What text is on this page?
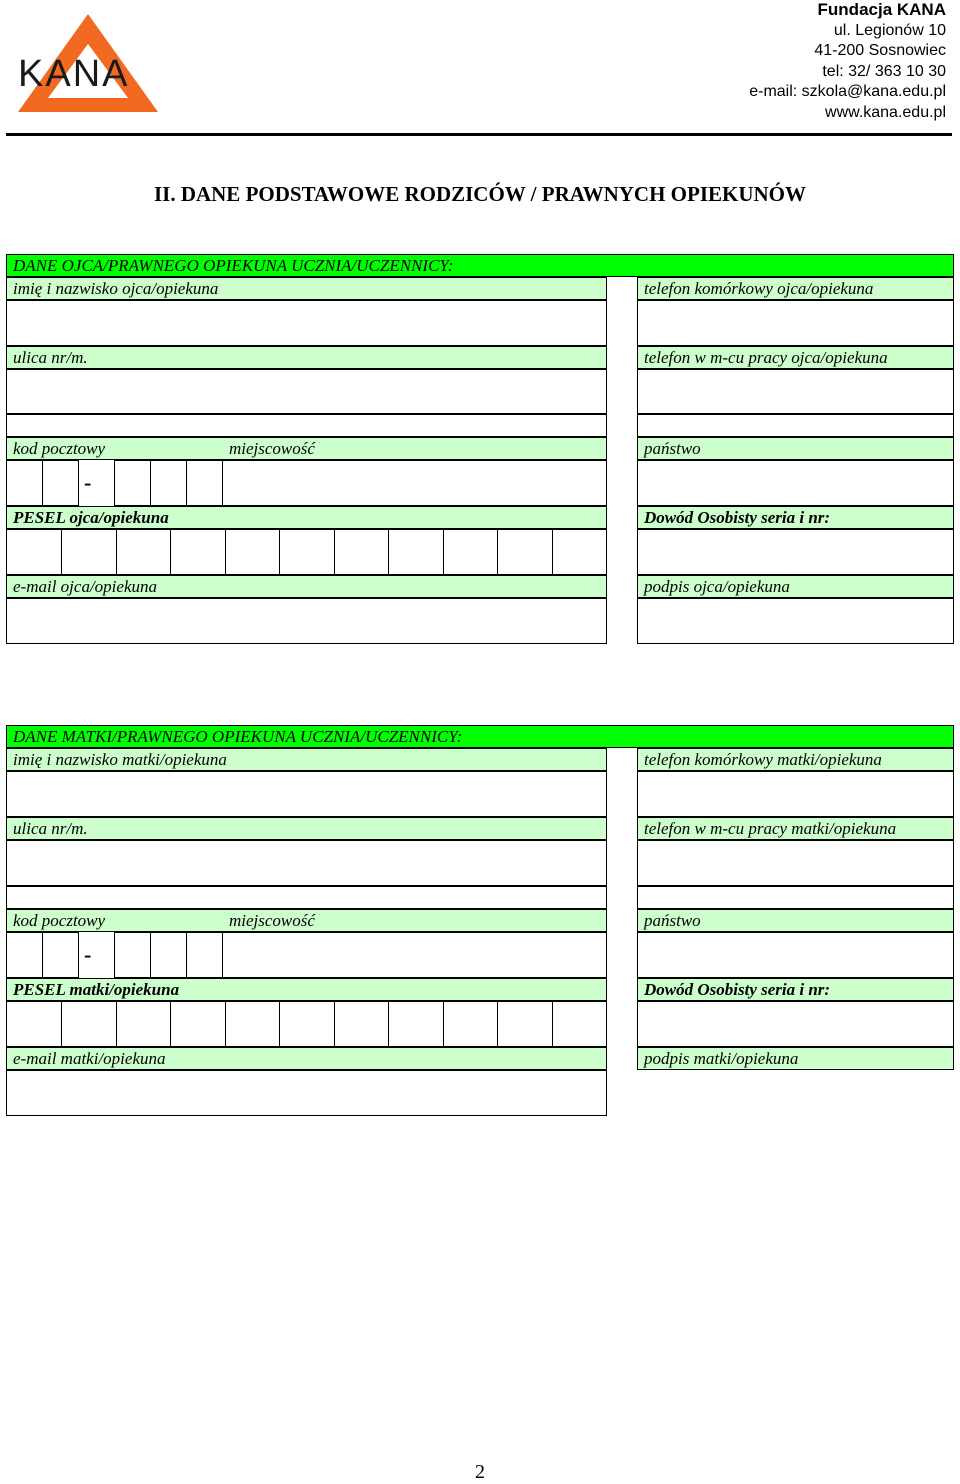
KANA
Fundacja KANA
ul. Legionów 10
41-200 Sosnowiec
tel: 32/ 363 10 30
e-mail: szkola@kana.edu.pl
www.kana.edu.pl
II. DANE PODSTAWOWE RODZICÓW / PRAWNYCH OPIEKUNÓW
DANE OJCA/PRAWNEGO OPIEKUNA UCZNIA/UCZENNICY:
imię i nazwisko ojca/opiekuna	telefon komórkowy ojca/opiekuna
ulica nr/m.	telefon w m-cu pracy ojca/opiekuna
kod pocztowy	miejscowość	państwo
-
PESEL ojca/opiekuna	Dowód Osobisty seria i nr:
e-mail ojca/opiekuna	podpis ojca/opiekuna
DANE MATKI/PRAWNEGO OPIEKUNA UCZNIA/UCZENNICY:
imię i nazwisko matki/opiekuna	telefon komórkowy matki/opiekuna
ulica nr/m.	telefon w m-cu pracy matki/opiekuna
kod pocztowy	miejscowość	państwo
-
PESEL matki/opiekuna	Dowód Osobisty seria i nr:
e-mail matki/opiekuna	podpis matki/opiekuna
2
